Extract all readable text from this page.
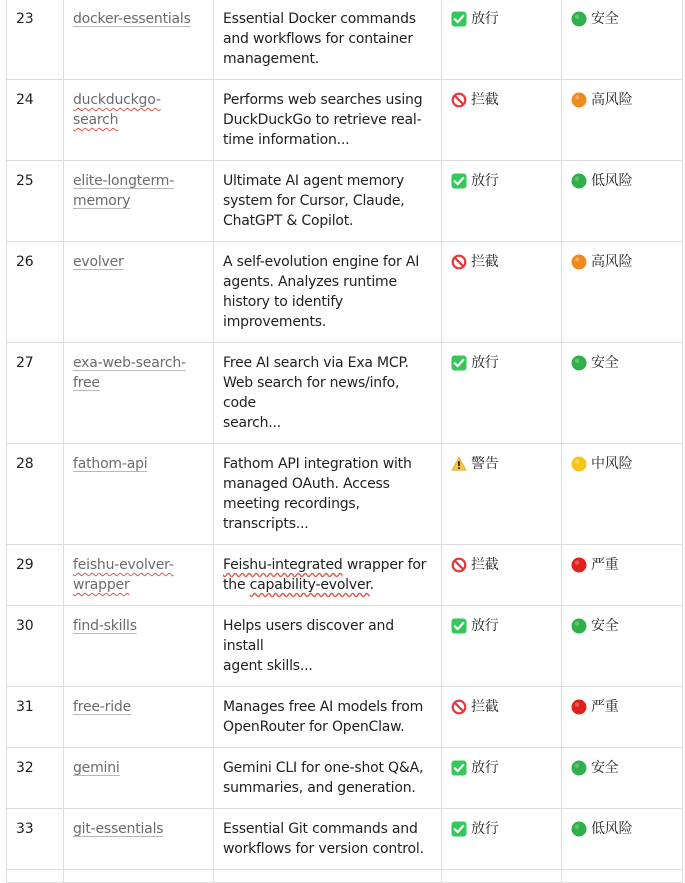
23	docker-essentials	Essential Docker commands
and workflows for container
management.	放行	安全

24	duckduckgo-search	Performs web searches using
DuckDuckGo to retrieve real-
time information...	拦截	高风险

25	elite-longterm-
memory	Ultimate AI agent memory
system for Cursor, Claude,
ChatGPT & Copilot.	放行	低风险

26	evolver	A self-evolution engine for AI
agents. Analyzes runtime
history to identify
improvements.	拦截	高风险

27	exa-web-search-
free	Free AI search via Exa MCP.
Web search for news/info, code
search...	放行	安全

28	fathom-api	Fathom API integration with
managed OAuth. Access
meeting recordings,
transcripts...	警告	中风险

29	feishu-evolver-
wrapper	Feishu-integrated wrapper for
the capability-evolver.	拦截	严重

30	find-skills	Helps users discover and install
agent skills...	放行	安全

31	free-ride	Manages free AI models from
OpenRouter for OpenClaw.	拦截	严重

32	gemini	Gemini CLI for one-shot Q&A,
summaries, and generation.	放行	安全

33	git-essentials	Essential Git commands and
workflows for version control.	放行	低风险
